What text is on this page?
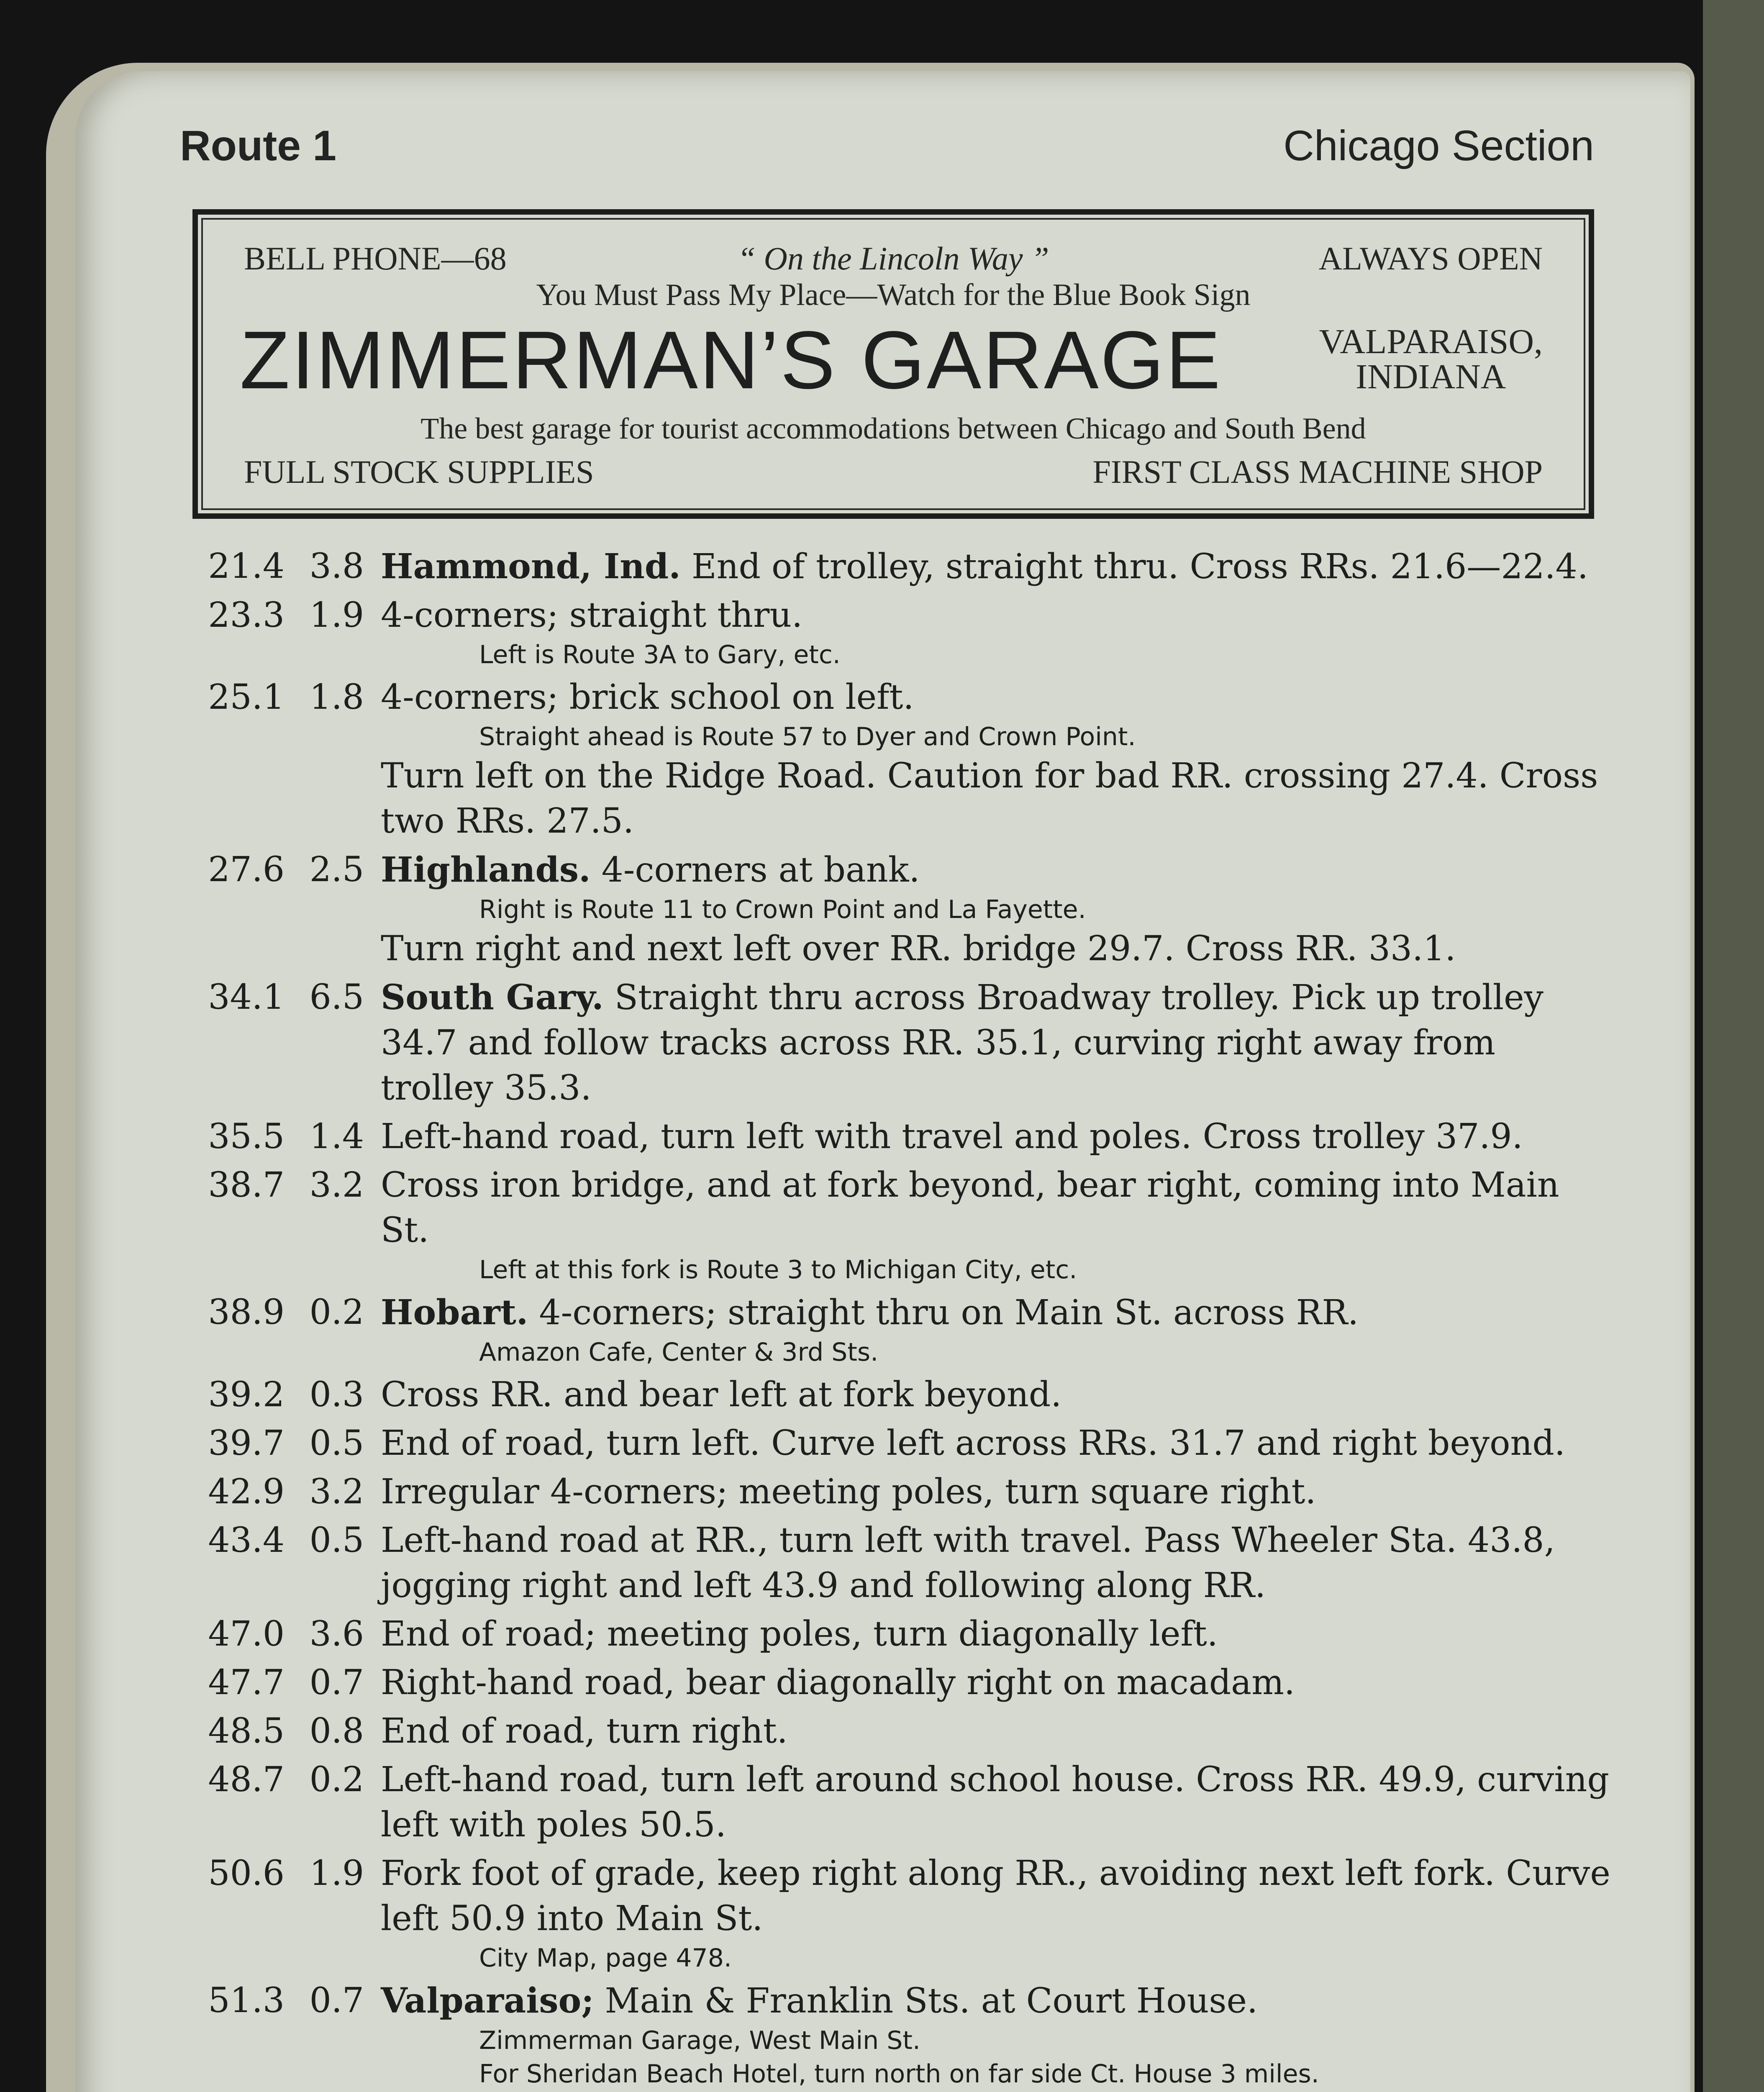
Route 1	Chicago Section
BELL PHONE—68	“ On the Lincoln Way ”	ALWAYS OPEN
You Must Pass My Place—Watch for the Blue Book Sign
ZIMMERMAN’S GARAGE	VALPARAISO,
INDIANA
The best garage for tourist accommodations between Chicago and South Bend
FULL STOCK SUPPLIES	FIRST CLASS MACHINE SHOP
21.4 3.8 Hammond, Ind. End of trolley, straight thru. Cross RRs. 21.6—22.4.
23.3 1.9 4-corners; straight thru.
Left is Route 3A to Gary, etc.
25.1 1.8 4-corners; brick school on left.
Straight ahead is Route 57 to Dyer and Crown Point.
Turn left on the Ridge Road. Caution for bad RR. crossing 27.4. Cross two RRs. 27.5.
27.6 2.5 Highlands. 4-corners at bank.
Right is Route 11 to Crown Point and La Fayette.
Turn right and next left over RR. bridge 29.7. Cross RR. 33.1.
34.1 6.5 South Gary. Straight thru across Broadway trolley. Pick up trolley 34.7 and follow tracks across RR. 35.1, curving right away from trolley 35.3.
35.5 1.4 Left-hand road, turn left with travel and poles. Cross trolley 37.9.
38.7 3.2 Cross iron bridge, and at fork beyond, bear right, coming into Main St.
Left at this fork is Route 3 to Michigan City, etc.
38.9 0.2 Hobart. 4-corners; straight thru on Main St. across RR.
Amazon Cafe, Center & 3rd Sts.
39.2 0.3 Cross RR. and bear left at fork beyond.
39.7 0.5 End of road, turn left. Curve left across RRs. 31.7 and right beyond.
42.9 3.2 Irregular 4-corners; meeting poles, turn square right.
43.4 0.5 Left-hand road at RR., turn left with travel. Pass Wheeler Sta. 43.8, jogging right and left 43.9 and following along RR.
47.0 3.6 End of road; meeting poles, turn diagonally left.
47.7 0.7 Right-hand road, bear diagonally right on macadam.
48.5 0.8 End of road, turn right.
48.7 0.2 Left-hand road, turn left around school house. Cross RR. 49.9, curving left with poles 50.5.
50.6 1.9 Fork foot of grade, keep right along RR., avoiding next left fork. Curve left 50.9 into Main St.
City Map, page 478.
51.3 0.7 Valparaiso; Main & Franklin Sts. at Court House.
Zimmerman Garage, West Main St.
For Sheridan Beach Hotel, turn north on far side Ct. House 3 miles.
